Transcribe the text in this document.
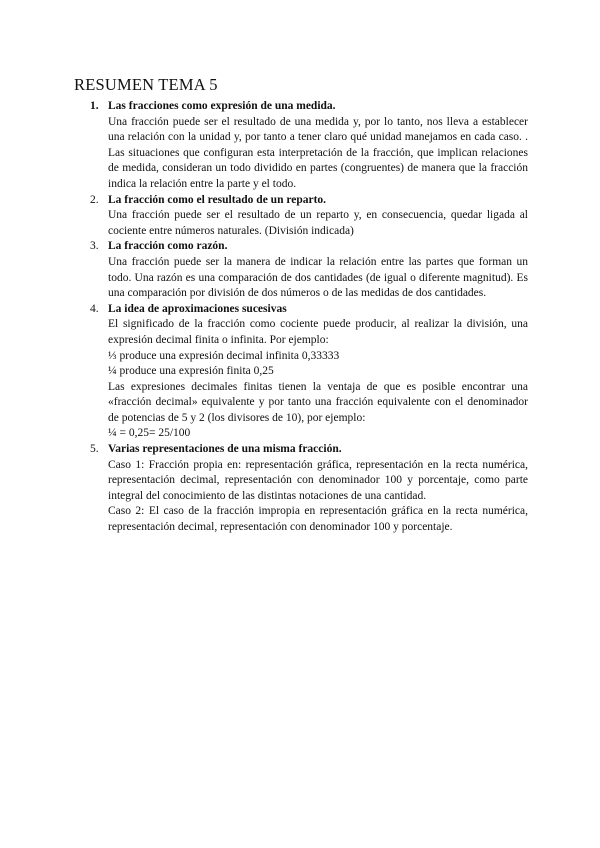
RESUMEN TEMA 5
1. Las fracciones como expresión de una medida.

Una fracción puede ser el resultado de una medida y, por lo tanto, nos lleva a establecer una relación con la unidad y, por tanto a tener claro qué unidad manejamos en cada caso. . Las situaciones que configuran esta interpretación de la fracción, que implican relaciones de medida, consideran un todo dividido en partes (congruentes) de manera que la fracción indica la relación entre la parte y el todo.

2. La fracción como el resultado de un reparto.

Una fracción puede ser el resultado de un reparto y, en consecuencia, quedar ligada al cociente entre números naturales. (División indicada)

3. La fracción como razón.

Una fracción puede ser la manera de indicar la relación entre las partes que forman un todo. Una razón es una comparación de dos cantidades (de igual o diferente magnitud). Es una comparación por división de dos números o de las medidas de dos cantidades.

4. La idea de aproximaciones sucesivas

El significado de la fracción como cociente puede producir, al realizar la división, una expresión decimal finita o infinita. Por ejemplo:

⅓ produce una expresión decimal infinita 0,33333

¼ produce una expresión finita 0,25

Las expresiones decimales finitas tienen la ventaja de que es posible encontrar una «fracción decimal» equivalente y por tanto una fracción equivalente con el denominador de potencias de 5 y 2 (los divisores de 10), por ejemplo:

¼ = 0,25= 25/100

5. Varias representaciones de una misma fracción.

Caso 1: Fracción propia en: representación gráfica, representación en la recta numérica, representación decimal, representación con denominador 100 y porcentaje, como parte integral del conocimiento de las distintas notaciones de una cantidad.

Caso 2: El caso de la fracción impropia en representación gráfica en la recta numérica, representación decimal, representación con denominador 100 y porcentaje.
